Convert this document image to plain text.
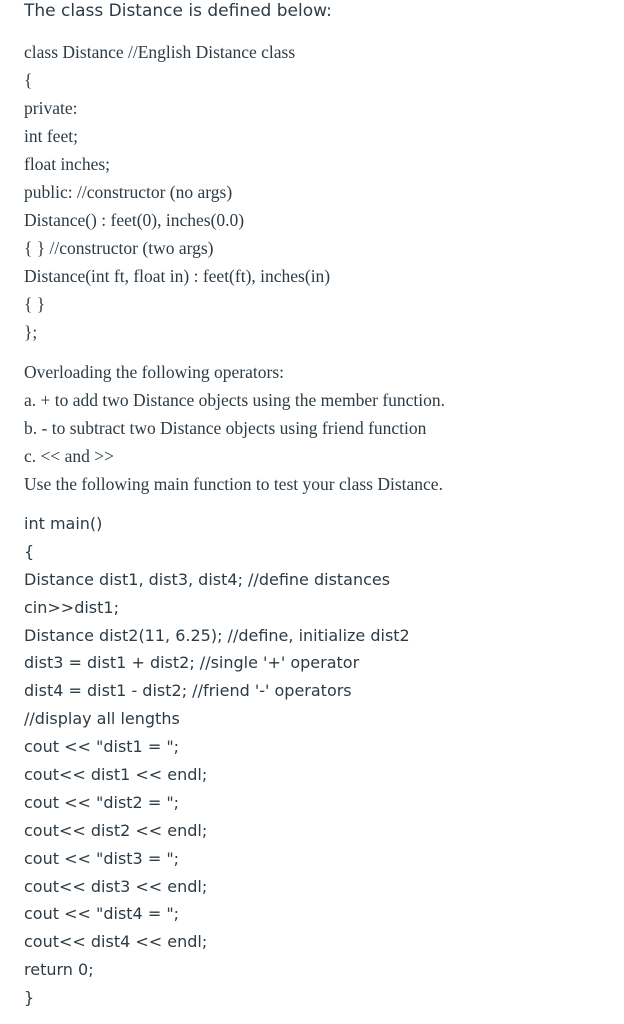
The class Distance is defined below:
class Distance //English Distance class
{
private:
int feet;
float inches;
public: //constructor (no args)
Distance() : feet(0), inches(0.0)
{ } //constructor (two args)
Distance(int ft, float in) : feet(ft), inches(in)
{ }
};
Overloading the following operators:
a. + to add two Distance objects using the member function.
b. - to subtract two Distance objects using friend function
c. << and >>
Use the following main function to test your class Distance.
int main()
{
Distance dist1, dist3, dist4; //define distances
cin>>dist1;
Distance dist2(11, 6.25); //define, initialize dist2
dist3 = dist1 + dist2; //single '+' operator
dist4 = dist1 - dist2; //friend '-' operators
//display all lengths
cout << "dist1 = ";
cout<< dist1 << endl;
cout << "dist2 = ";
cout<< dist2 << endl;
cout << "dist3 = ";
cout<< dist3 << endl;
cout << "dist4 = ";
cout<< dist4 << endl;
return 0;
}
